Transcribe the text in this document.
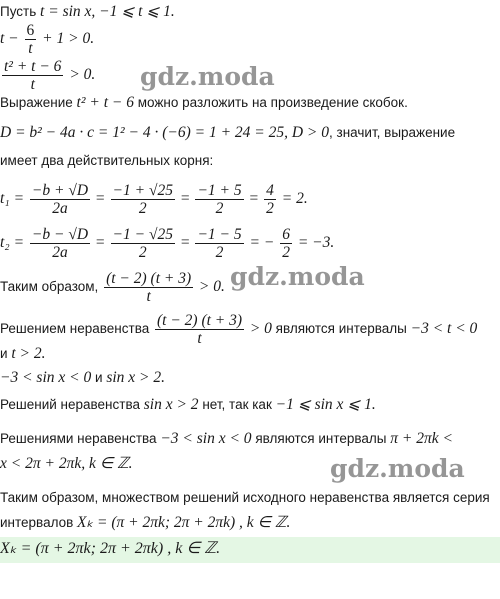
gdz.moda
gdz.moda
gdz.moda
Пусть t = sin x, −1 ⩽ t ⩽ 1.
$t - \frac{6}{t} + 1 > 0$.
$\frac{\text{t² + t − 6}}{t} > 0$.
Выражение t² + t − 6 можно разложить на произведение скобок.
D = b² − 4a · c = 1² − 4 · (−6) = 1 + 24 = 25, D > 0, значит, выражение
имеет два действительных корня:
$t_1 = \frac{-b + √D}{2a} = \frac{-1 + √25}{2} = \frac{-1 + 5}{2} = \frac{4}{2} = 2$.
$t_2 = \frac{-b - √D}{2a} = \frac{-1 - √25}{2} = \frac{-1 - 5}{2}$ = − $\frac{6}{2} = -3$.
Таким образом, $\frac{(t - 2) (t + 3)}{t} > 0$.
Решением неравенства $\frac{(t - 2) (t + 3)}{t} > 0$ являются интервалы −3 < t < 0
и t > 2.
−3 < sin x < 0 и sin x > 2.
Решений неравенства sin x > 2 нет, так как −1 ⩽ sin x ⩽ 1.
Решениями неравенства −3 < sin x < 0 являются интервалы π + 2πk <
x < 2π + 2πk, k ∈ ℤ.
Таким образом, множеством решений исходного неравенства является серия
интервалов Xₖ = (π + 2πk; 2π + 2πk) , k ∈ ℤ.
Xₖ = (π + 2πk; 2π + 2πk) , k ∈ ℤ.
